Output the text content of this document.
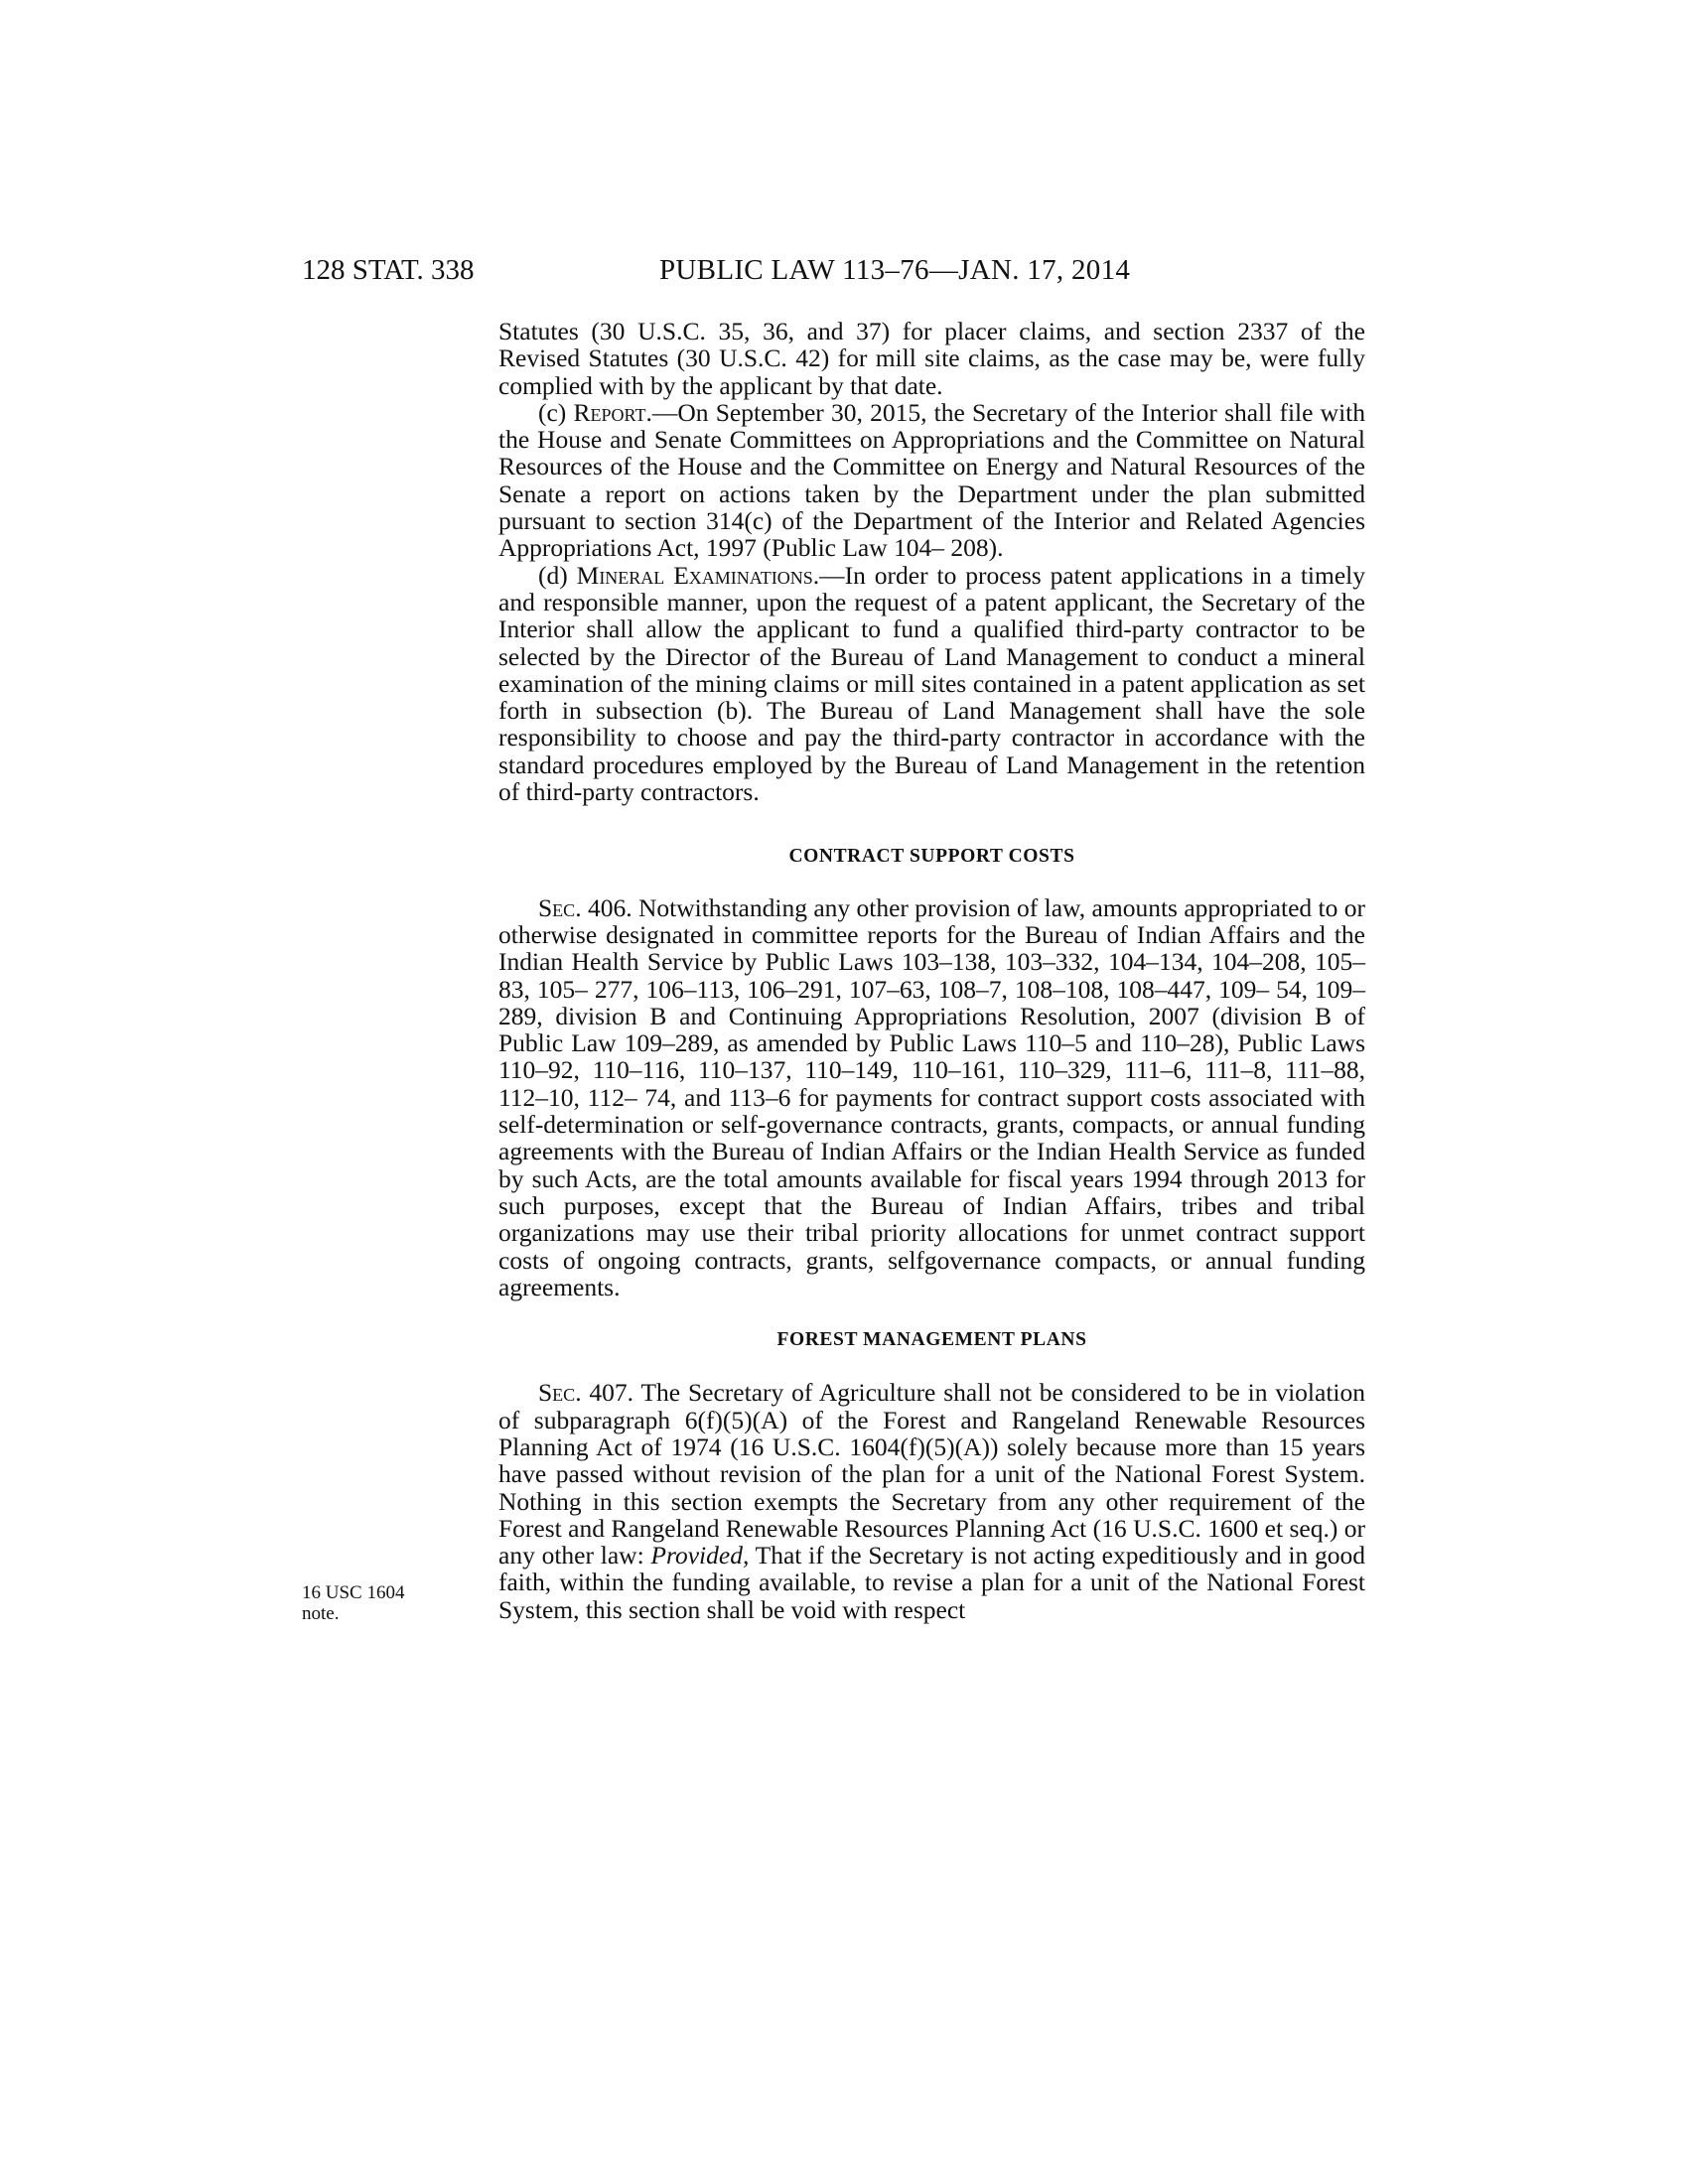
128 STAT. 338	PUBLIC LAW 113–76—JAN. 17, 2014
16 USC 1604
note.

Statutes (30 U.S.C. 35, 36, and 37) for placer claims, and section 2337 of the Revised Statutes (30 U.S.C. 42) for mill site claims, as the case may be, were fully complied with by the applicant by that date.

(c) Report.—On September 30, 2015, the Secretary of the Interior shall file with the House and Senate Committees on Appropriations and the Committee on Natural Resources of the House and the Committee on Energy and Natural Resources of the Senate a report on actions taken by the Department under the plan submitted pursuant to section 314(c) of the Department of the Interior and Related Agencies Appropriations Act, 1997 (Public Law 104– 208).

(d) Mineral Examinations.—In order to process patent applications in a timely and responsible manner, upon the request of a patent applicant, the Secretary of the Interior shall allow the applicant to fund a qualified third-party contractor to be selected by the Director of the Bureau of Land Management to conduct a mineral examination of the mining claims or mill sites contained in a patent application as set forth in subsection (b). The Bureau of Land Management shall have the sole responsibility to choose and pay the third-party contractor in accordance with the standard procedures employed by the Bureau of Land Management in the retention of third-party contractors.

CONTRACT SUPPORT COSTS

Sec. 406. Notwithstanding any other provision of law, amounts appropriated to or otherwise designated in committee reports for the Bureau of Indian Affairs and the Indian Health Service by Public Laws 103–138, 103–332, 104–134, 104–208, 105–83, 105– 277, 106–113, 106–291, 107–63, 108–7, 108–108, 108–447, 109– 54, 109–289, division B and Continuing Appropriations Resolution, 2007 (division B of Public Law 109–289, as amended by Public Laws 110–5 and 110–28), Public Laws 110–92, 110–116, 110–137, 110–149, 110–161, 110–329, 111–6, 111–8, 111–88, 112–10, 112– 74, and 113–6 for payments for contract support costs associated with self-determination or self-governance contracts, grants, compacts, or annual funding agreements with the Bureau of Indian Affairs or the Indian Health Service as funded by such Acts, are the total amounts available for fiscal years 1994 through 2013 for such purposes, except that the Bureau of Indian Affairs, tribes and tribal organizations may use their tribal priority allocations for unmet contract support costs of ongoing contracts, grants, selfgovernance compacts, or annual funding agreements.

FOREST MANAGEMENT PLANS

Sec. 407. The Secretary of Agriculture shall not be considered to be in violation of subparagraph 6(f)(5)(A) of the Forest and Rangeland Renewable Resources Planning Act of 1974 (16 U.S.C. 1604(f)(5)(A)) solely because more than 15 years have passed without revision of the plan for a unit of the National Forest System. Nothing in this section exempts the Secretary from any other requirement of the Forest and Rangeland Renewable Resources Planning Act (16 U.S.C. 1600 et seq.) or any other law: Provided, That if the Secretary is not acting expeditiously and in good faith, within the funding available, to revise a plan for a unit of the National Forest System, this section shall be void with respect
